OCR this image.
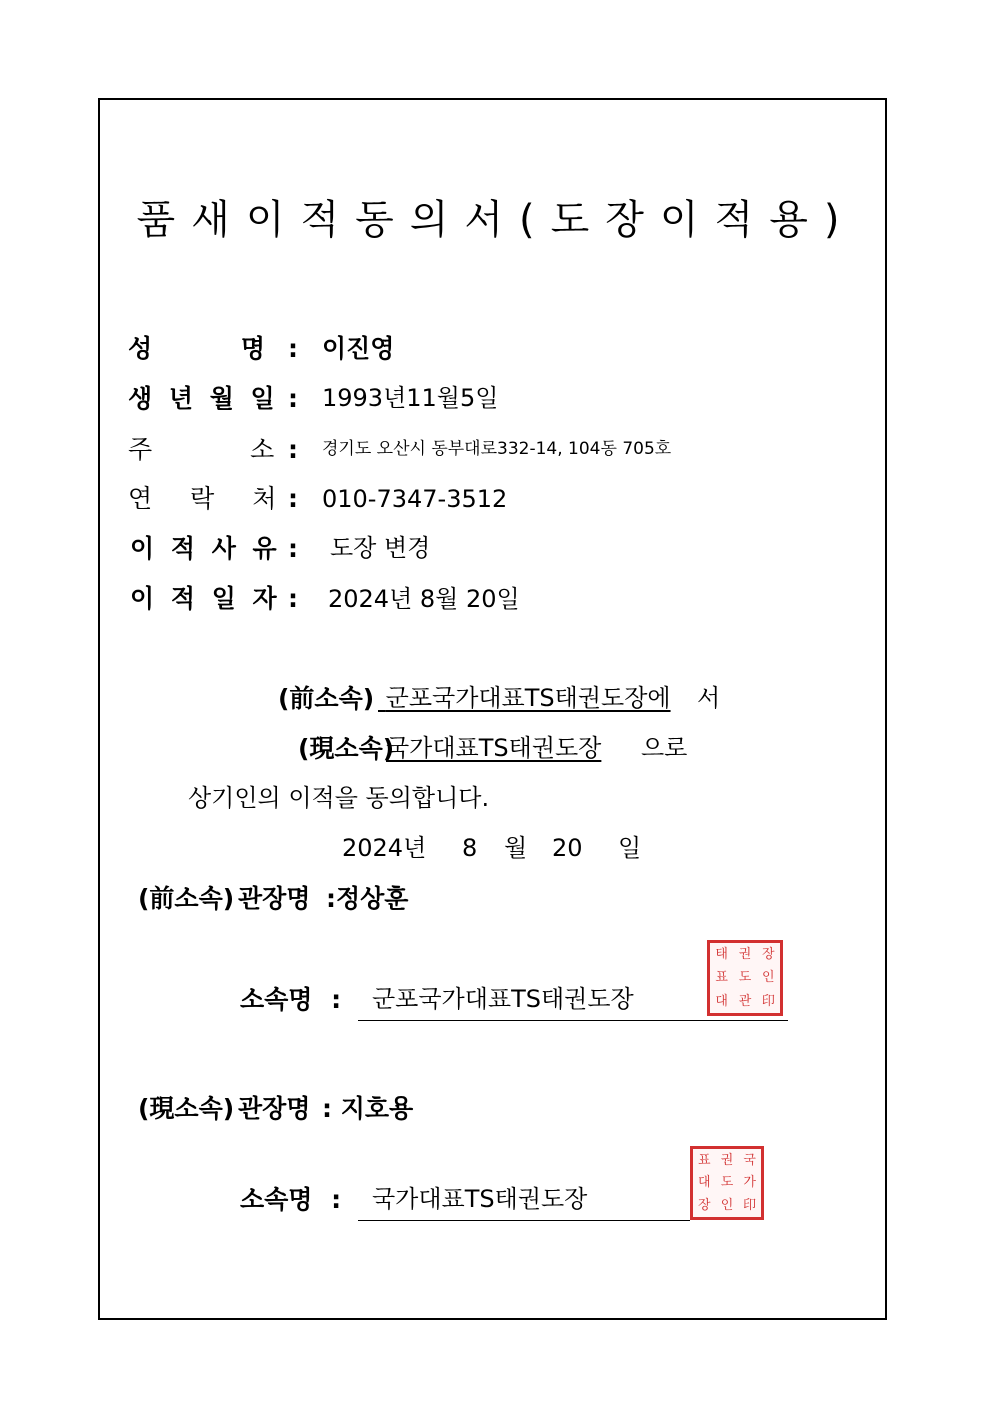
품새이적동의서(도장이적용)
성 명 : 이진영
생 년 월 일 : 1993년11월5일
주 소 : 경기도 오산시 동부대로332-14, 104동 705호
연 락 처 : 010-7347-3512
이 적 사 유 : 도장 변경
이 적 일 자 : 2024년 8월 20일
(前소속) 군포국가대표TS태권도장에 서
(現소속)
국가대표TS태권도장 으로
상기인의 이적을 동의합니다.
2024년 8 월 20 일
(前소속) 관장명 :정상훈
소속명 : 군포국가대표TS태권도장
태 권 장
표 도 인
대 관 印
(現소속) 관장명 : 지호용
소속명 : 국가대표TS태권도장
표 권 국
대 도 가
장 인 印
